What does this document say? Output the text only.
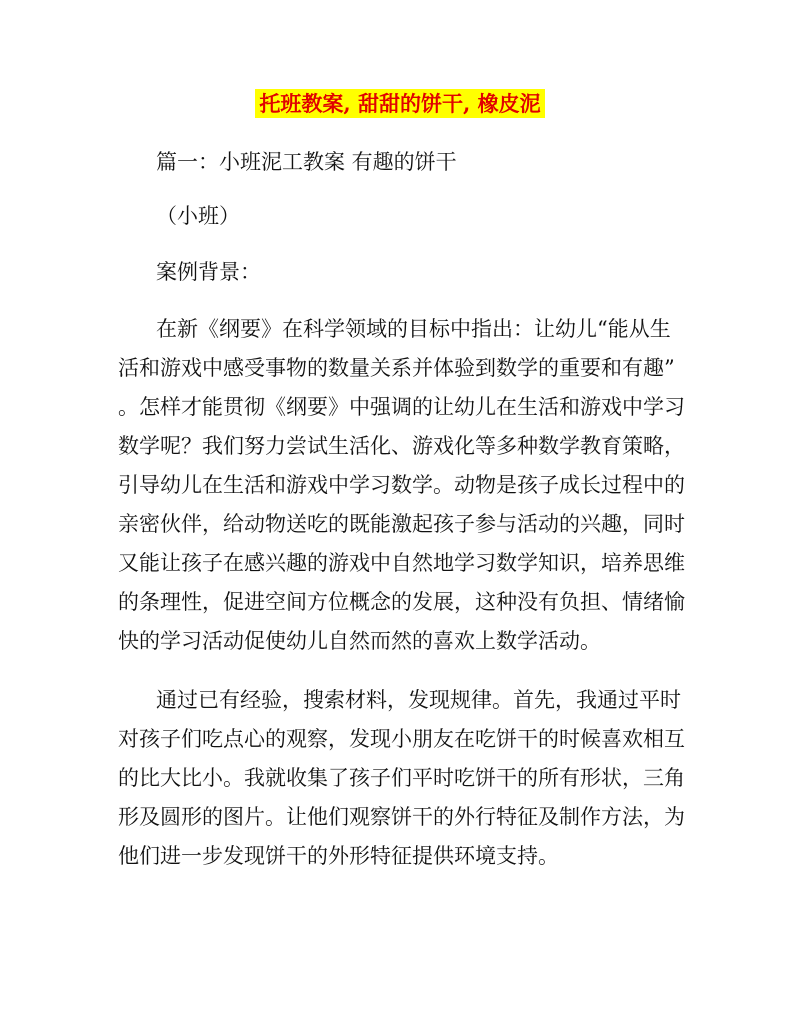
托班教案, 甜甜的饼干, 橡皮泥

篇一：小班泥工教案 有趣的饼干

（小班）

案例背景：

在新《纲要》在科学领域的目标中指出：让幼儿“能从生
活和游戏中感受事物的数量关系并体验到数学的重要和有趣”
。怎样才能贯彻《纲要》中强调的让幼儿在生活和游戏中学习
数学呢？我们努力尝试生活化、游戏化等多种数学教育策略，
引导幼儿在生活和游戏中学习数学。动物是孩子成长过程中的
亲密伙伴，给动物送吃的既能激起孩子参与活动的兴趣，同时
又能让孩子在感兴趣的游戏中自然地学习数学知识，培养思维
的条理性，促进空间方位概念的发展，这种没有负担、情绪愉
快的学习活动促使幼儿自然而然的喜欢上数学活动。
通过已有经验，搜索材料，发现规律。首先，我通过平时
对孩子们吃点心的观察，发现小朋友在吃饼干的时候喜欢相互
的比大比小。我就收集了孩子们平时吃饼干的所有形状，三角
形及圆形的图片。让他们观察饼干的外行特征及制作方法，为
他们进一步发现饼干的外形特征提供环境支持。
